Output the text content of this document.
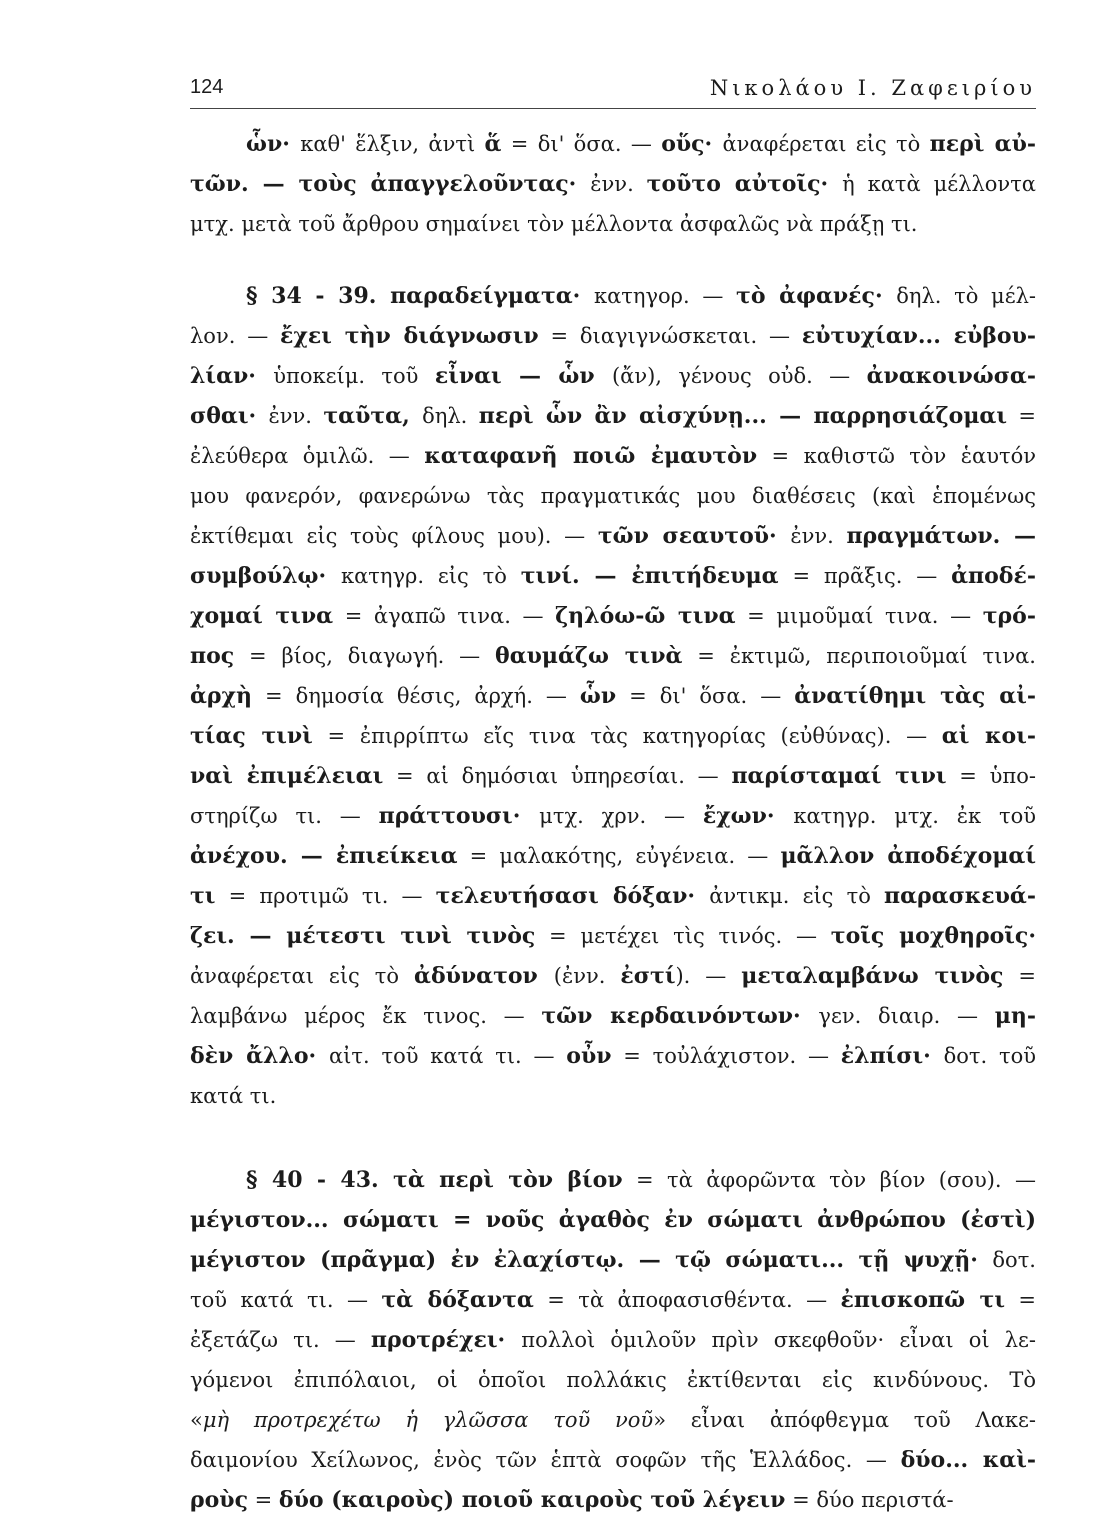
124	Νικολάου Ι. Ζαφειρίου
ὧν· καθ' ἕλξιν, ἀντὶ ἅ = δι' ὅσα. — οὕς· ἀναφέρεται εἰς τὸ περὶ αὐ-
τῶν. — τοὺς ἀπαγγελοῦντας· ἐνν. τοῦτο αὐτοῖς· ἡ κατὰ μέλλοντα
μτχ. μετὰ τοῦ ἄρθρου σημαίνει τὸν μέλλοντα ἀσφαλῶς νὰ πράξῃ τι.
§ 34 - 39. παραδείγματα· κατηγορ. — τὸ ἀφανές· δηλ. τὸ μέλ-
λον. — ἔχει τὴν διάγνωσιν = διαγιγνώσκεται. — εὐτυχίαν... εὐβου-
λίαν· ὑποκείμ. τοῦ εἶναι — ὧν (ἄν), γένους οὐδ. — ἀνακοινώσα-
σθαι· ἐνν. ταῦτα, δηλ. περὶ ὧν ἂν αἰσχύνῃ... — παρρησιάζομαι =
ἐλεύθερα ὁμιλῶ. — καταφανῆ ποιῶ ἐμαυτὸν = καθιστῶ τὸν ἑαυτόν
μου φανερόν, φανερώνω τὰς πραγματικάς μου διαθέσεις (καὶ ἑπομένως
ἐκτίθεμαι εἰς τοὺς φίλους μου). — τῶν σεαυτοῦ· ἐνν. πραγμάτων. —
συμβούλῳ· κατηγρ. εἰς τὸ τινί. — ἐπιτήδευμα = πρᾶξις. — ἀποδέ-
χομαί τινα = ἀγαπῶ τινα. — ζηλόω-ῶ τινα = μιμοῦμαί τινα. — τρό-
πος = βίος, διαγωγή. — θαυμάζω τινὰ = ἐκτιμῶ, περιποιοῦμαί τινα.
ἀρχὴ = δημοσία θέσις, ἀρχή. — ὧν = δι' ὅσα. — ἀνατίθημι τὰς αἰ-
τίας τινὶ = ἐπιρρίπτω εἴς τινα τὰς κατηγορίας (εὐθύνας). — αἱ κοι-
ναὶ ἐπιμέλειαι = αἱ δημόσιαι ὑπηρεσίαι. — παρίσταμαί τινι = ὑπο-
στηρίζω τι. — πράττουσι· μτχ. χρν. — ἔχων· κατηγρ. μτχ. ἐκ τοῦ
ἀνέχου. — ἐπιείκεια = μαλακότης, εὐγένεια. — μᾶλλον ἀποδέχομαί
τι = προτιμῶ τι. — τελευτήσασι δόξαν· ἀντικμ. εἰς τὸ παρασκευά-
ζει. — μέτεστι τινὶ τινὸς = μετέχει τὶς τινός. — τοῖς μοχθηροῖς·
ἀναφέρεται εἰς τὸ ἀδύνατον (ἐνν. ἐστί). — μεταλαμβάνω τινὸς =
λαμβάνω μέρος ἔκ τινος. — τῶν κερδαινόντων· γεν. διαιρ. — μη-
δὲν ἄλλο· αἰτ. τοῦ κατά τι. — οὖν = τοὐλάχιστον. — ἐλπίσι· δοτ. τοῦ
κατά τι.
§ 40 - 43. τὰ περὶ τὸν βίον = τὰ ἀφορῶντα τὸν βίον (σου). —
μέγιστον... σώματι = νοῦς ἀγαθὸς ἐν σώματι ἀνθρώπου (ἐστὶ)
μέγιστον (πρᾶγμα) ἐν ἐλαχίστῳ. — τῷ σώματι... τῇ ψυχῇ· δοτ.
τοῦ κατά τι. — τὰ δόξαντα = τὰ ἀποφασισθέντα. — ἐπισκοπῶ τι =
ἐξετάζω τι. — προτρέχει· πολλοὶ ὁμιλοῦν πρὶν σκεφθοῦν· εἶναι οἱ λε-
γόμενοι ἐπιπόλαιοι, οἱ ὁποῖοι πολλάκις ἐκτίθενται εἰς κινδύνους. Τὸ
«μὴ προτρεχέτω ἡ γλῶσσα τοῦ νοῦ» εἶναι ἀπόφθεγμα τοῦ Λακε-
δαιμονίου Χείλωνος, ἑνὸς τῶν ἑπτὰ σοφῶν τῆς Ἑλλάδος. — δύο... καὶ-
ροὺς = δύο (καιροὺς) ποιοῦ καιροὺς τοῦ λέγειν = δύο περιστά-
